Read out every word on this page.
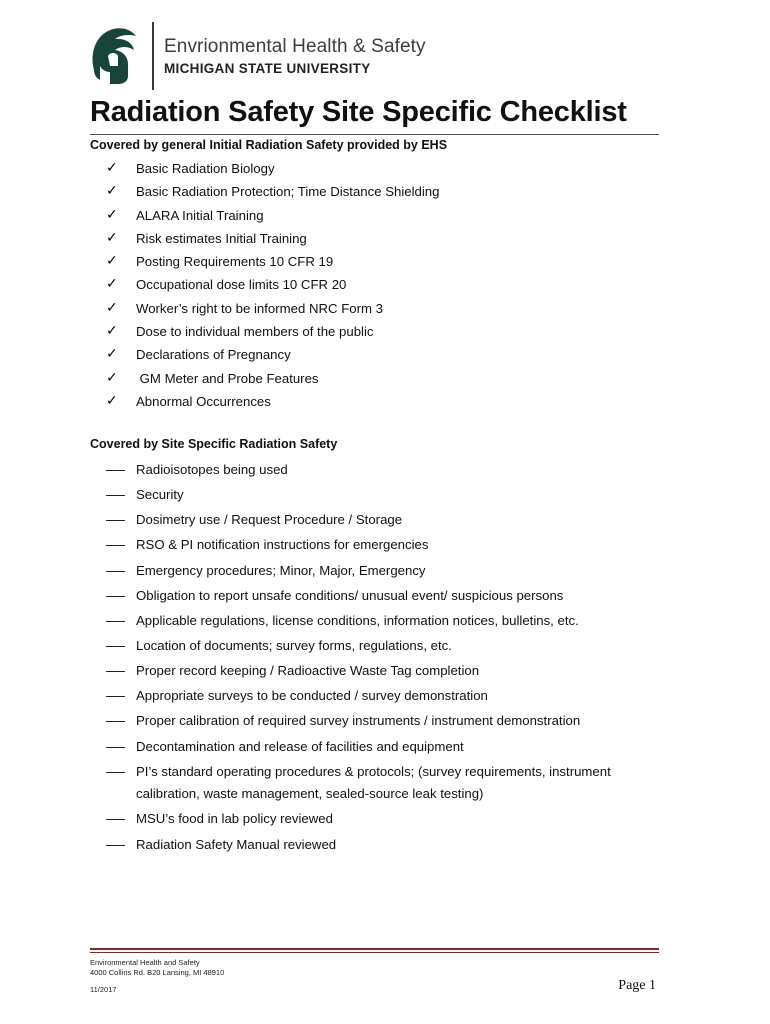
Envrionmental Health & Safety
MICHIGAN STATE UNIVERSITY
Radiation Safety Site Specific Checklist
Covered by general Initial Radiation Safety provided by EHS
✓ Basic Radiation Biology
✓ Basic Radiation Protection; Time Distance Shielding
✓ ALARA Initial Training
✓ Risk estimates Initial Training
✓ Posting Requirements 10 CFR 19
✓ Occupational dose limits 10 CFR 20
✓ Worker’s right to be informed NRC Form 3
✓ Dose to individual members of the public
✓ Declarations of Pregnancy
✓ GM Meter and Probe Features
✓ Abnormal Occurrences
Covered by Site Specific Radiation Safety
Radioisotopes being used
Security
Dosimetry use / Request Procedure / Storage
RSO & PI notification instructions for emergencies
Emergency procedures; Minor, Major, Emergency
Obligation to report unsafe conditions/ unusual event/ suspicious persons
Applicable regulations, license conditions, information notices, bulletins, etc.
Location of documents; survey forms, regulations, etc.
Proper record keeping / Radioactive Waste Tag completion
Appropriate surveys to be conducted / survey demonstration
Proper calibration of required survey instruments / instrument demonstration
Decontamination and release of facilities and equipment
PI’s standard operating procedures & protocols; (survey requirements, instrument calibration, waste management, sealed-source leak testing)
MSU’s food in lab policy reviewed
Radiation Safety Manual reviewed
Environmental Health and Safety
4000 Collins Rd. B20 Lansing, MI 48910
11/2017	Page 1
